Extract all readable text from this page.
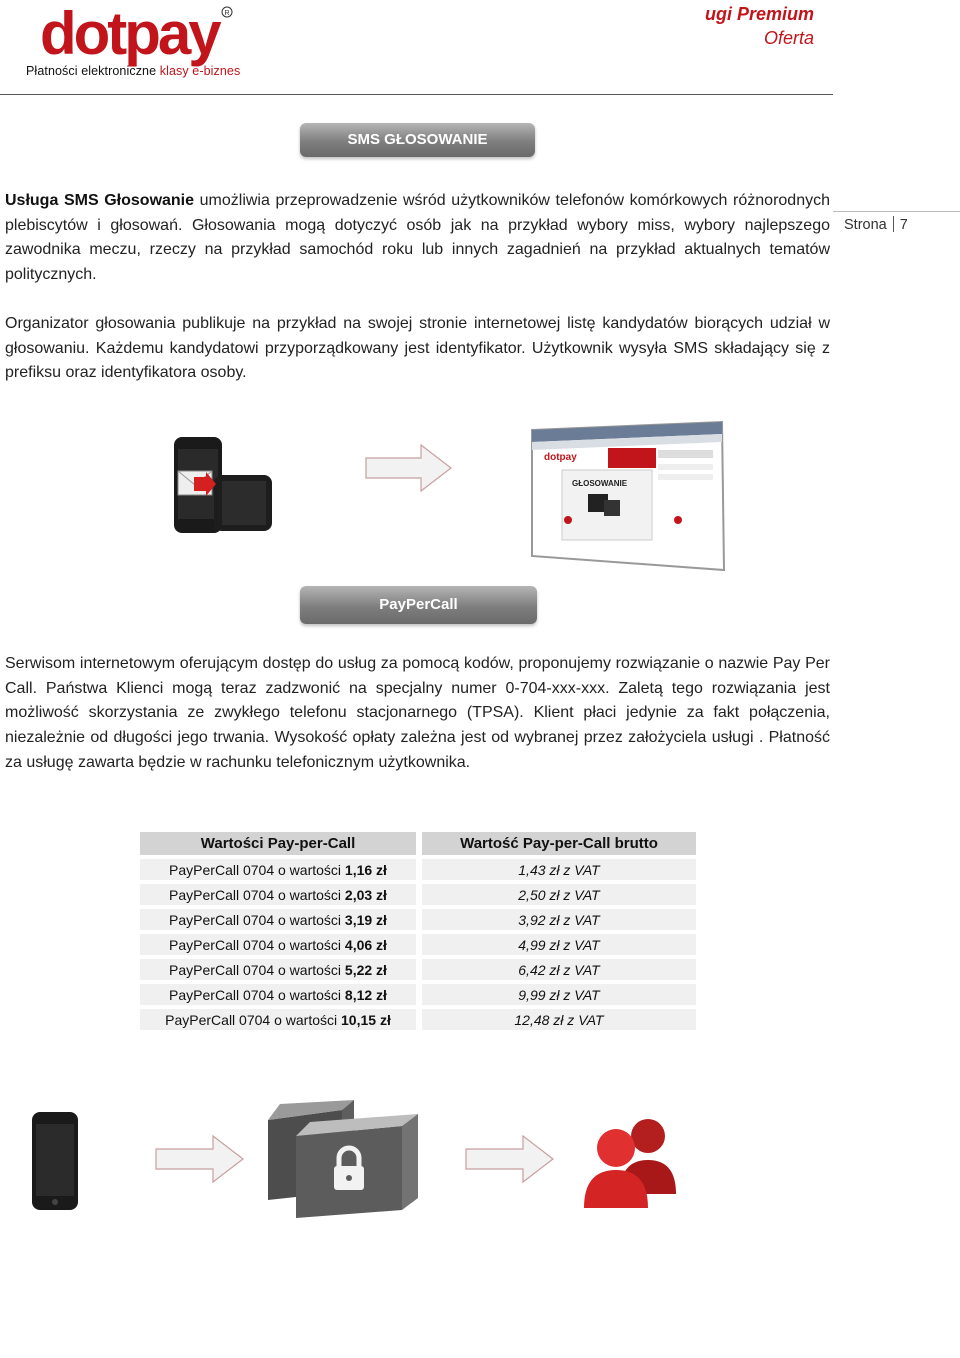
dotpay R
Płatności elektroniczne klasy e-biznes
ugi Premium
Oferta
SMS GŁOSOWANIE
Usługa SMS Głosowanie umożliwia przeprowadzenie wśród użytkowników telefonów komórkowych różnorodnych plebiscytów i głosowań. Głosowania mogą dotyczyć osób jak na przykład wybory miss, wybory najlepszego zawodnika meczu, rzeczy na przykład samochód roku lub innych zagadnień na przykład aktualnych tematów politycznych.
Strona 7
Organizator głosowania publikuje na przykład na swojej stronie internetowej listę kandydatów biorących udział w głosowaniu. Każdemu kandydatowi przyporządkowany jest identyfikator. Użytkownik wysyła SMS składający się z prefiksu oraz identyfikatora osoby.
dotpay
GŁOSOWANIE
PayPerCall
Serwisom internetowym oferującym dostęp do usług za pomocą kodów, proponujemy rozwiązanie o nazwie Pay Per Call. Państwa Klienci mogą teraz zadzwonić na specjalny numer 0-704-xxx-xxx. Zaletą tego rozwiązania jest możliwość skorzystania ze zwykłego telefonu stacjonarnego (TPSA). Klient płaci jedynie za fakt połączenia, niezależnie od długości jego trwania. Wysokość opłaty zależna jest od wybranej przez założyciela usługi . Płatność za usługę zawarta będzie w rachunku telefonicznym użytkownika.
Wartości Pay-per-Call		Wartość Pay-per-Call brutto
PayPerCall 0704 o wartości 1,16 zł		1,43 zł z VAT
PayPerCall 0704 o wartości 2,03 zł		2,50 zł z VAT
PayPerCall 0704 o wartości 3,19 zł		3,92 zł z VAT
PayPerCall 0704 o wartości 4,06 zł		4,99 zł z VAT
PayPerCall 0704 o wartości 5,22 zł		6,42 zł z VAT
PayPerCall 0704 o wartości 8,12 zł		9,99 zł z VAT
PayPerCall 0704 o wartości 10,15 zł		12,48 zł z VAT
